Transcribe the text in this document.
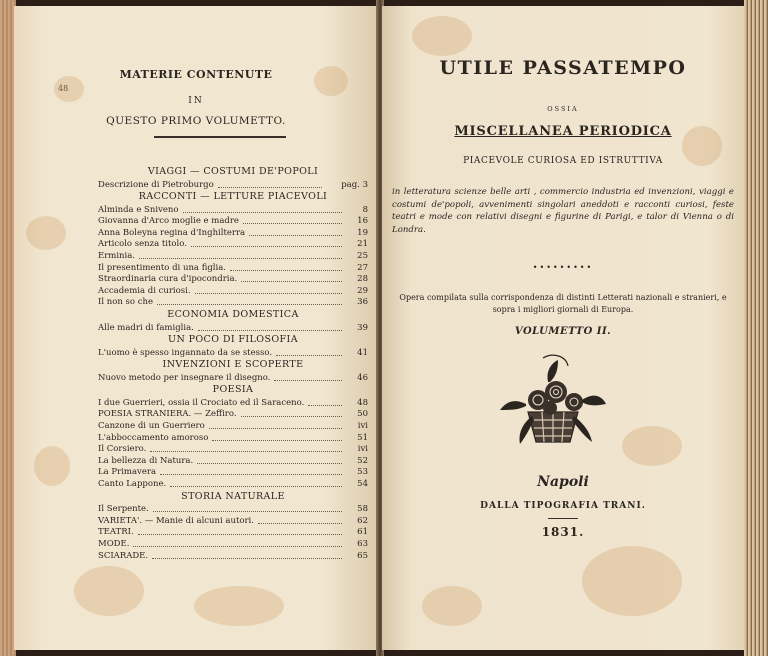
48
MATERIE CONTENUTE
IN
QUESTO PRIMO VOLUMETTO.
VIAGGI — COSTUMI DE'POPOLI
Descrizione di Pietroburgo	pag. 3
RACCONTI — LETTURE PIACEVOLI
Alminda e Sniveno	8
Giovanna d'Arco moglie e madre	16
Anna Boleyna regina d'Inghilterra	19
Articolo senza titolo.	21
Erminia.	25
Il presentimento di una figlia.	27
Straordinaria cura d'ipocondria.	28
Accademia di curiosi.	29
Il non so che	36
ECONOMIA DOMESTICA
Alle madri di famiglia.	39
UN POCO DI FILOSOFIA
L'uomo è spesso ingannato da se stesso.	41
INVENZIONI E SCOPERTE
Nuovo metodo per insegnare il disegno.	46
POESIA
I due Guerrieri, ossia il Crociato ed il Saraceno.	48
POESIA STRANIERA. — Zeffiro.	50
Canzone di un Guerriero	ivi
L'abboccamento amoroso	51
Il Corsiero.	ivi
La bellezza di Natura.	52
La Primavera	53
Canto Lappone.	54
STORIA NATURALE
Il Serpente.	58
VARIETA'. — Manie di alcuni autori.	62
TEATRI.	61
MODE.	63
SCIARADE.	65
UTILE PASSATEMPO
OSSIA
MISCELLANEA PERIODICA
PIACEVOLE CURIOSA ED ISTRUTTIVA
in letteratura scienze belle arti , commercio industria ed invenzioni, viaggi e costumi de'popoli, avvenimenti singolari aneddoti e racconti curiosi, feste teatri e mode con relativi disegni e figurine di Parigi, e talor di Vienna o di Londra.
•••••••••
Opera compilata sulla corrispondenza di distinti Letterati nazionali e stranieri, e sopra i migliori giornali di Europa.
VOLUMETTO II.
Napoli
DALLA TIPOGRAFIA TRANI.
1831.
